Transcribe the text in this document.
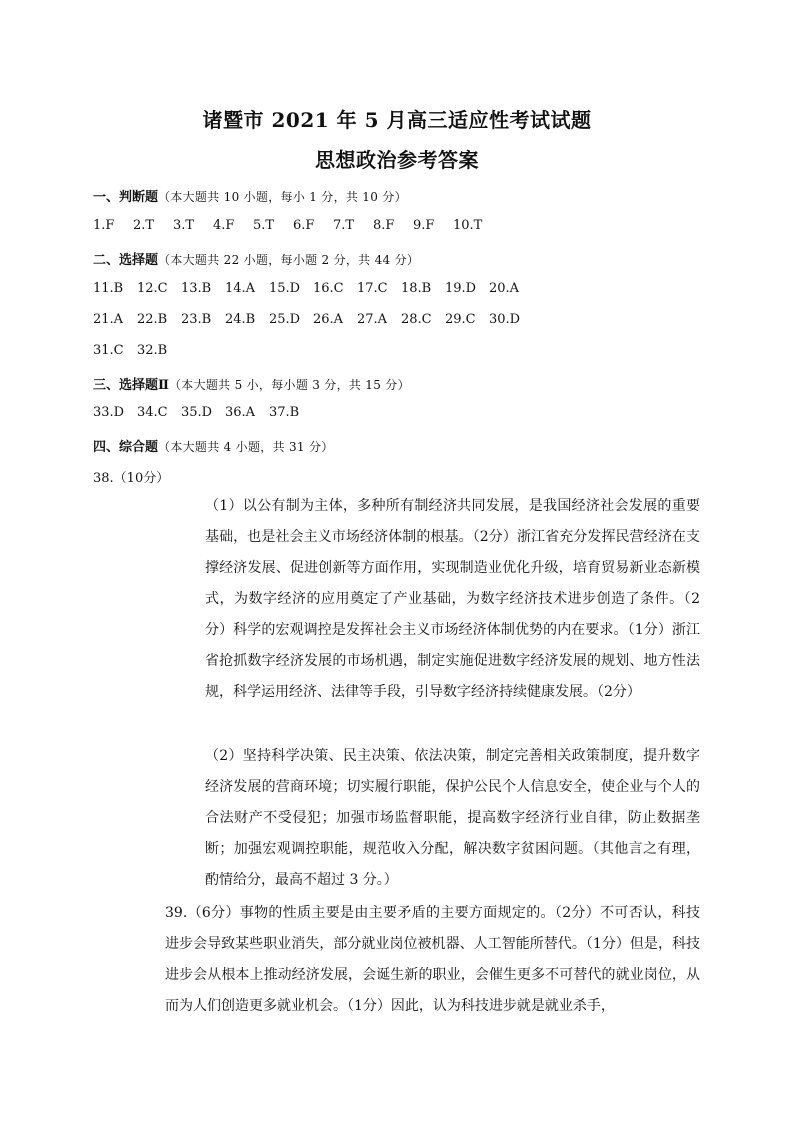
诸暨市 2021 年 5 月高三适应性考试试题
思想政治参考答案
一、判断题（本大题共 10 小题，每小 1 分，共 10 分）
1.F	2.T	3.T	4.F	5.T	6.F	7.T	8.F	9.F	10.T
二、选择题（本大题共 22 小题，每小题 2 分，共 44 分）
11.B	12.C	13.B	14.A	15.D 16.C	17.C	18.B	19.D 20.A
21.A	22.B	23.B	24.B	25.D 26.A	27.A	28.C	29.C	30.D
31.C	32.B
三、选择题Ⅱ（本大题共 5 小，每小题 3 分，共 15 分）
33.D 34.C	35.D 36.A	37.B
四、综合题（本大题共 4 小题，共 31 分）
38.（10分）
（1）以公有制为主体，多种所有制经济共同发展，是我国经济社会发展的重要基础，也是社会主义市场经济体制的根基。（2分）浙江省充分发挥民营经济在支撑经济发展、促进创新等方面作用，实现制造业优化升级，培育贸易新业态新模式，为数字经济的应用奠定了产业基础，为数字经济技术进步创造了条件。（2分）科学的宏观调控是发挥社会主义市场经济体制优势的内在要求。（1分）浙江省抢抓数字经济发展的市场机遇，制定实施促进数字经济发展的规划、地方性法规，科学运用经济、法律等手段，引导数字经济持续健康发展。（2分）
（2）坚持科学决策、民主决策、依法决策，制定完善相关政策制度，提升数字经济发展的营商环境；切实履行职能，保护公民个人信息安全，使企业与个人的合法财产不受侵犯；加强市场监督职能，提高数字经济行业自律，防止数据垄断；加强宏观调控职能，规范收入分配，解决数字贫困问题。（其他言之有理，酌情给分，最高不超过 3 分。）
39.（6分）事物的性质主要是由主要矛盾的主要方面规定的。（2分）不可否认，科技进步会导致某些职业消失，部分就业岗位被机器、人工智能所替代。（1分）但是，科技进步会从根本上推动经济发展，会诞生新的职业，会催生更多不可替代的就业岗位，从而为人们创造更多就业机会。（1分）因此，认为科技进步就是就业杀手，
